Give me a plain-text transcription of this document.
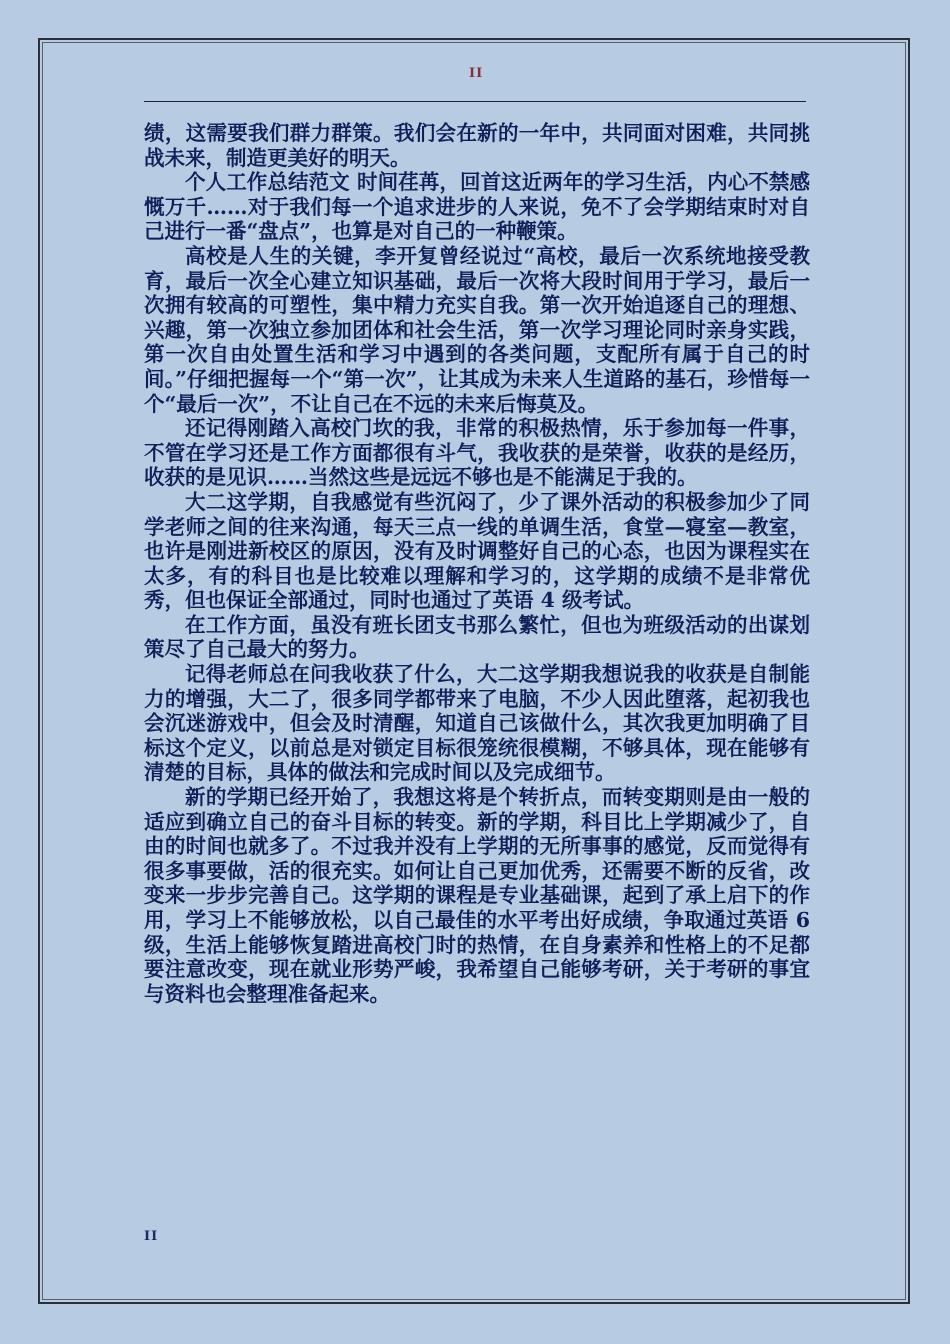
II

绩，这需要我们群力群策。我们会在新的一年中，共同面对困难，共同挑战未来，制造更美好的明天。

个人工作总结范文 时间荏苒，回首这近两年的学习生活，内心不禁感慨万千……对于我们每一个追求进步的人来说，免不了会学期结束时对自己进行一番“盘点”，也算是对自己的一种鞭策。

高校是人生的关键，李开复曾经说过“高校，最后一次系统地接受教育，最后一次全心建立知识基础，最后一次将大段时间用于学习，最后一次拥有较高的可塑性，集中精力充实自我。第一次开始追逐自己的理想、兴趣，第一次独立参加团体和社会生活，第一次学习理论同时亲身实践，第一次自由处置生活和学习中遇到的各类问题，支配所有属于自己的时间。”仔细把握每一个“第一次”，让其成为未来人生道路的基石，珍惜每一个“最后一次”，不让自己在不远的未来后悔莫及。

还记得刚踏入高校门坎的我，非常的积极热情，乐于参加每一件事，不管在学习还是工作方面都很有斗气，我收获的是荣誉，收获的是经历，收获的是见识……当然这些是远远不够也是不能满足于我的。

大二这学期，自我感觉有些沉闷了，少了课外活动的积极参加少了同学老师之间的往来沟通，每天三点一线的单调生活，食堂—寝室—教室，也许是刚进新校区的原因，没有及时调整好自己的心态，也因为课程实在太多，有的科目也是比较难以理解和学习的，这学期的成绩不是非常优秀，但也保证全部通过，同时也通过了英语 4 级考试。

在工作方面，虽没有班长团支书那么繁忙，但也为班级活动的出谋划策尽了自己最大的努力。

记得老师总在问我收获了什么，大二这学期我想说我的收获是自制能力的增强，大二了，很多同学都带来了电脑，不少人因此堕落，起初我也会沉迷游戏中，但会及时清醒，知道自己该做什么，其次我更加明确了目标这个定义，以前总是对锁定目标很笼统很模糊，不够具体，现在能够有清楚的目标，具体的做法和完成时间以及完成细节。

新的学期已经开始了，我想这将是个转折点，而转变期则是由一般的适应到确立自己的奋斗目标的转变。新的学期，科目比上学期减少了，自由的时间也就多了。不过我并没有上学期的无所事事的感觉，反而觉得有很多事要做，活的很充实。如何让自己更加优秀，还需要不断的反省，改变来一步步完善自己。这学期的课程是专业基础课，起到了承上启下的作用，学习上不能够放松，以自己最佳的水平考出好成绩，争取通过英语 6 级，生活上能够恢复踏进高校门时的热情，在自身素养和性格上的不足都要注意改变，现在就业形势严峻，我希望自己能够考研，关于考研的事宜与资料也会整理准备起来。

II
